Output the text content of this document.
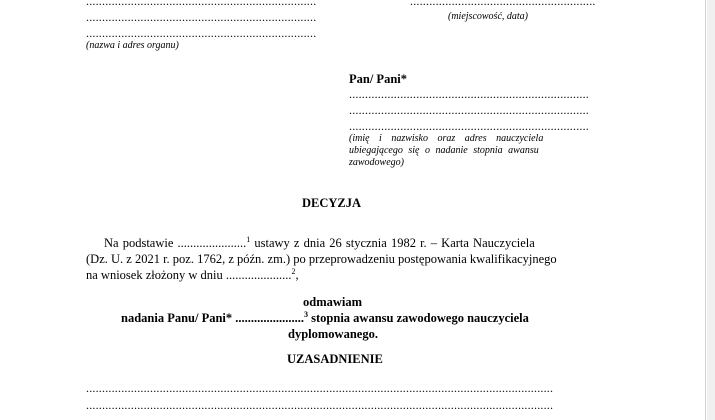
........................................................................
........................................................................
........................................................................
(nazwa i adres organu)
..........................................................
(miejscowość, data)
Pan/ Pani*
...........................................................................
...........................................................................
...........................................................................
(imię i nazwisko oraz adres nauczyciela
ubiegającego się o nadanie stopnia awansu
zawodowego)
DECYZJA
Na podstawie ......................$^1$ ustawy z dnia 26 stycznia 1982 r. – Karta Nauczyciela
(Dz. U. z 2021 r. poz. 1762, z późn. zm.) po przeprowadzeniu postępowania kwalifikacyjnego
na wniosek złożony w dniu .....................$^2$,
odmawiam
nadania Panu/ Pani* ......................$^3$ stopnia awansu zawodowego nauczyciela
dyplomowanego.
UZASADNIENIE
..................................................................................................................................................
..................................................................................................................................................
